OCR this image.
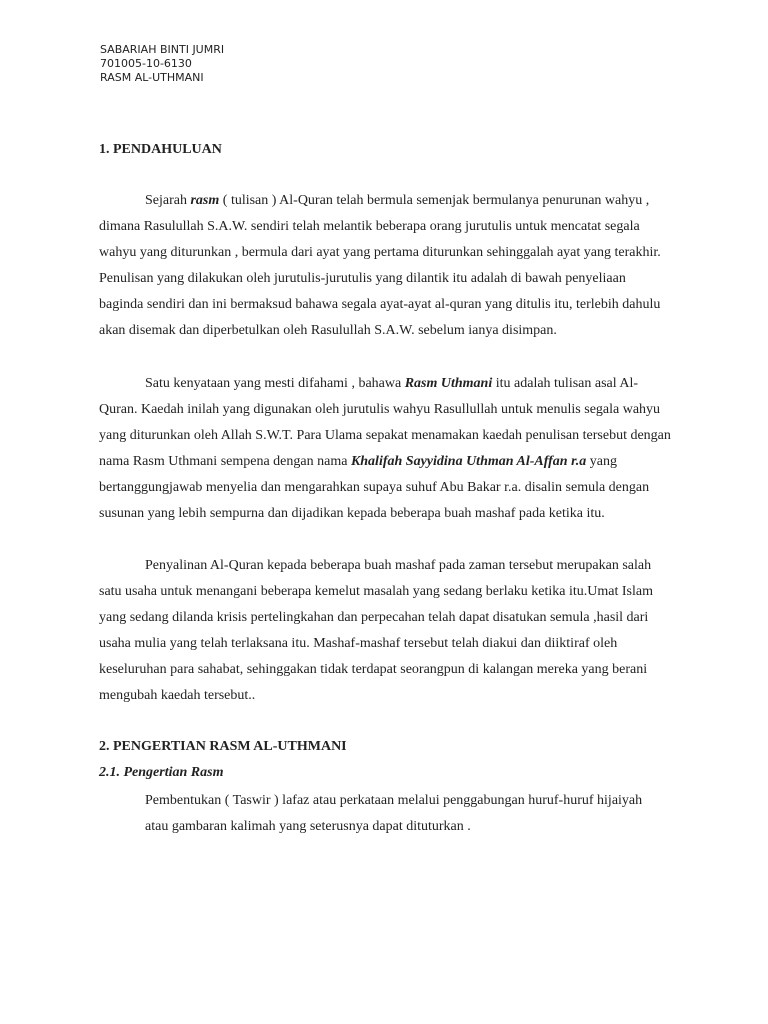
SABARIAH BINTI JUMRI
701005-10-6130
RASM AL-UTHMANI
1. PENDAHULUAN

Sejarah rasm ( tulisan ) Al-Quran telah bermula semenjak bermulanya penurunan wahyu , dimana Rasulullah S.A.W. sendiri telah melantik beberapa orang jurutulis untuk mencatat segala wahyu yang diturunkan , bermula dari ayat yang pertama diturunkan sehinggalah ayat yang terakhir. Penulisan yang dilakukan oleh jurutulis-jurutulis yang dilantik itu adalah di bawah penyeliaan baginda sendiri dan ini bermaksud bahawa segala ayat-ayat al-quran yang ditulis itu, terlebih dahulu akan disemak dan diperbetulkan oleh Rasulullah S.A.W. sebelum ianya disimpan.

Satu kenyataan yang mesti difahami , bahawa Rasm Uthmani itu adalah tulisan asal Al-Quran. Kaedah inilah yang digunakan oleh jurutulis wahyu Rasullullah untuk menulis segala wahyu yang diturunkan oleh Allah S.W.T. Para Ulama sepakat menamakan kaedah penulisan tersebut dengan nama Rasm Uthmani sempena dengan nama Khalifah Sayyidina Uthman Al-Affan r.a yang bertanggungjawab menyelia dan mengarahkan supaya suhuf Abu Bakar r.a. disalin semula dengan susunan yang lebih sempurna dan dijadikan kepada beberapa buah mashaf pada ketika itu.

Penyalinan Al-Quran kepada beberapa buah mashaf pada zaman tersebut merupakan salah satu usaha untuk menangani beberapa kemelut masalah yang sedang berlaku ketika itu.Umat Islam yang sedang dilanda krisis pertelingkahan dan perpecahan telah dapat disatukan semula ,hasil dari usaha mulia yang telah terlaksana itu. Mashaf-mashaf tersebut telah diakui dan diiktiraf oleh keseluruhan para sahabat, sehinggakan tidak terdapat seorangpun di kalangan mereka yang berani mengubah kaedah tersebut..

2. PENGERTIAN RASM AL-UTHMANI
2.1. Pengertian Rasm

Pembentukan ( Taswir ) lafaz atau perkataan melalui penggabungan huruf-huruf hijaiyah atau gambaran kalimah yang seterusnya dapat dituturkan .
